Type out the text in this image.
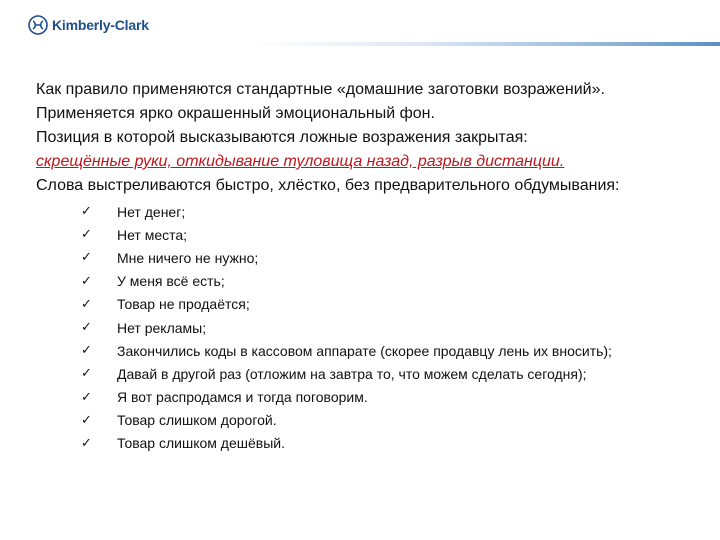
Kimberly-Clark

Как правило применяются стандартные «домашние заготовки возражений».

Применяется ярко окрашенный эмоциональный фон.

Позиция в которой высказываются ложные возражения закрытая:

скрещённые руки, откидывание туловища назад, разрыв дистанции.

Слова выстреливаются быстро, хлёстко, без предварительного обдумывания:

✓	Нет денег;
✓	Нет места;
✓	Мне ничего не нужно;
✓	У меня всё есть;
✓	Товар не продаётся;
✓	Нет рекламы;
✓	Закончились коды в кассовом аппарате (скорее продавцу лень их вносить);
✓	Давай в другой раз (отложим на завтра то, что можем сделать сегодня);
✓	Я вот распродамся и тогда поговорим.
✓	Товар слишком дорогой.
✓	Товар слишком дешёвый.
